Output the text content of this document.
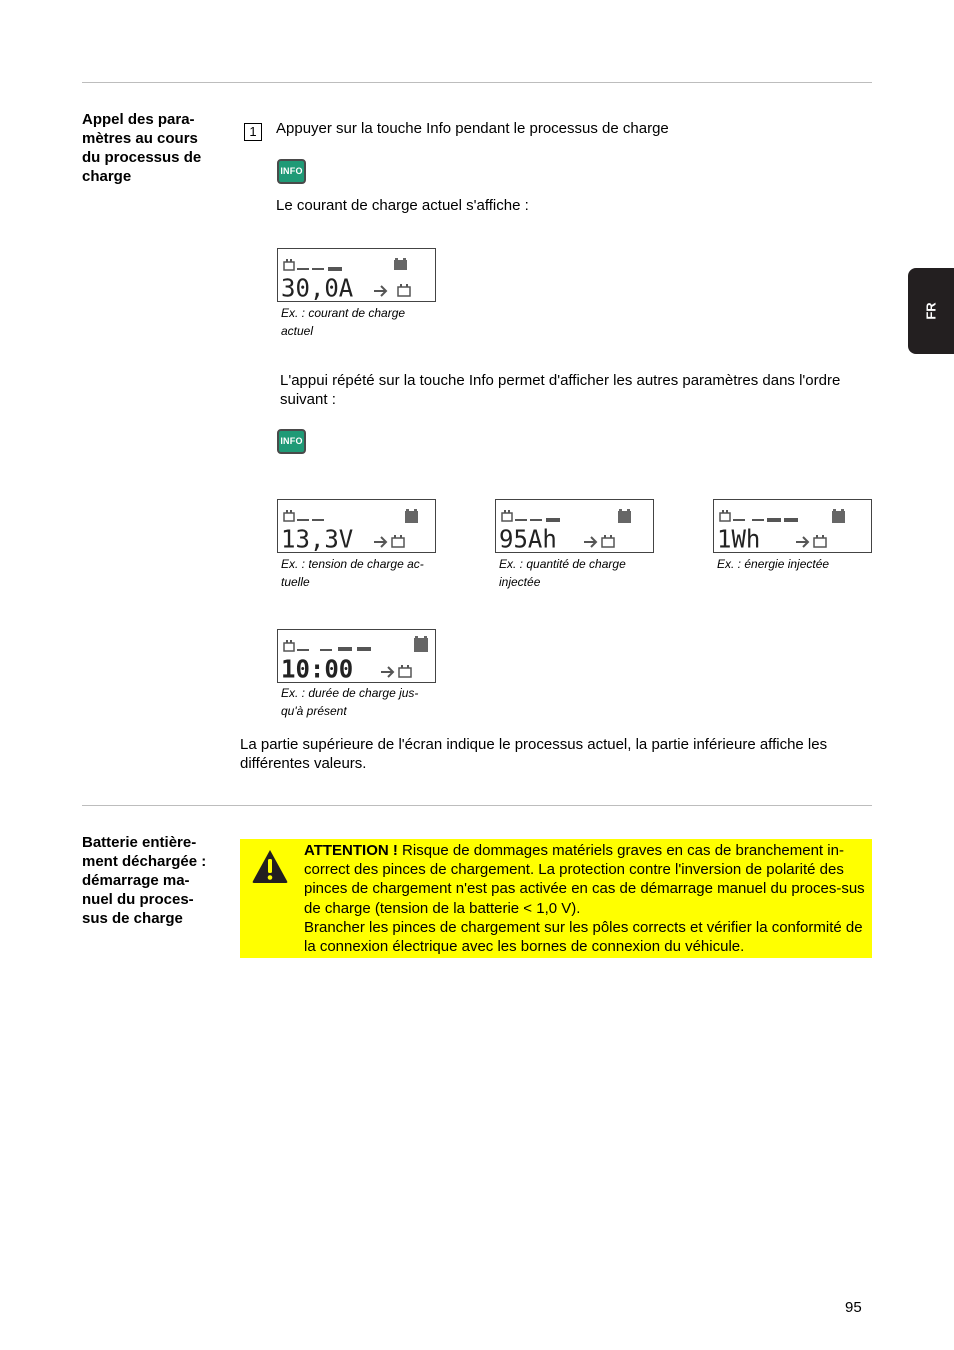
Appel des para-
mètres au cours
du processus de
charge
1	Appuyer sur la touche Info pendant le processus de charge
INFO
Le courant de charge actuel s'affiche :
30,0A
Ex. : courant de charge actuel
L'appui répété sur la touche Info permet d'afficher les autres paramètres dans l'ordre suivant :
INFO
13,3V
Ex. : tension de charge ac-
tuelle
95Ah
Ex. : quantité de charge injectée
1Wh
Ex. : énergie injectée
10:00
Ex. : durée de charge jus-
qu'à présent
La partie supérieure de l'écran indique le processus actuel, la partie inférieure affiche les différentes valeurs.
Batterie entière-
ment déchargée :
démarrage ma-
nuel du proces-
sus de charge
ATTENTION ! Risque de dommages matériels graves en cas de branchement in-correct des pinces de chargement. La protection contre l'inversion de polarité des pinces de chargement n'est pas activée en cas de démarrage manuel du proces-sus de charge (tension de la batterie < 1,0 V).
Brancher les pinces de chargement sur les pôles corrects et vérifier la conformité de la connexion électrique avec les bornes de connexion du véhicule.
FR
95
